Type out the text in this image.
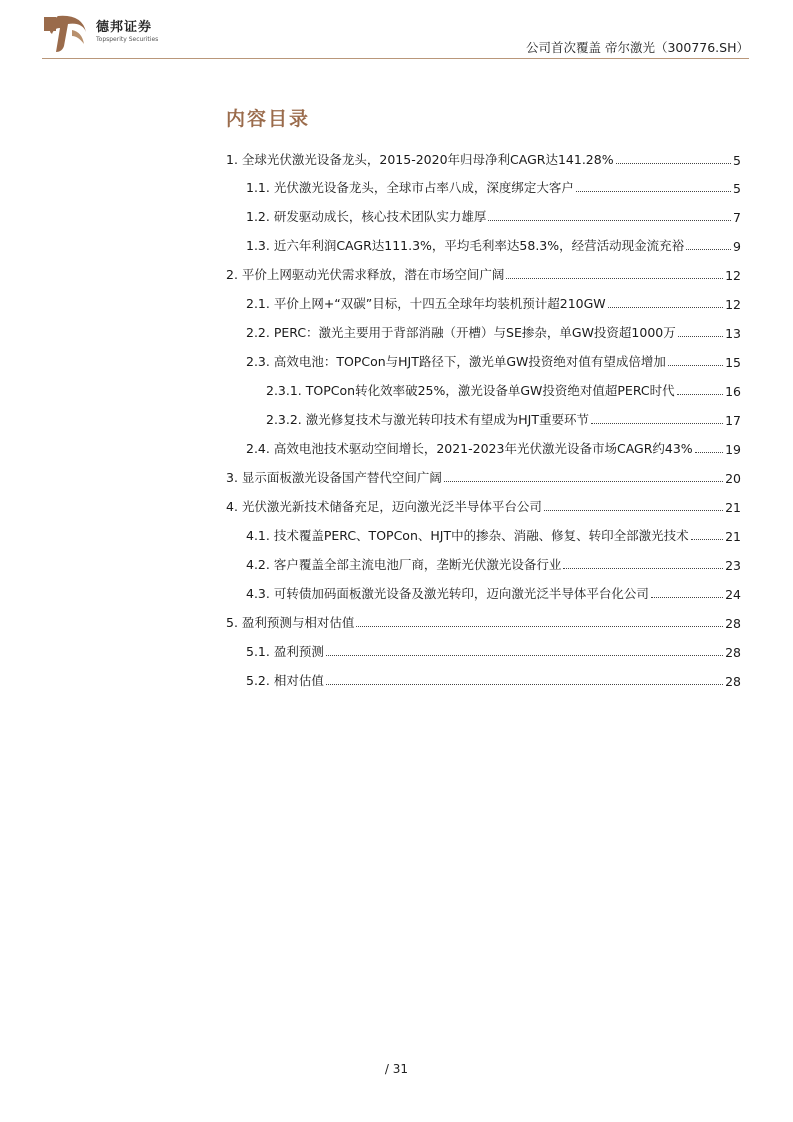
德邦证券
Topsperity Securities
公司首次覆盖 帝尔激光（300776.SH）
内容目录
1. 全球光伏激光设备龙头，2015-2020年归母净利CAGR达141.28%	5
1.1. 光伏激光设备龙头，全球市占率八成，深度绑定大客户	5
1.2. 研发驱动成长，核心技术团队实力雄厚	7
1.3. 近六年利润CAGR达111.3%，平均毛利率达58.3%，经营活动现金流充裕	9
2. 平价上网驱动光伏需求释放，潜在市场空间广阔	12
2.1. 平价上网+“双碳”目标，十四五全球年均装机预计超210GW	12
2.2. PERC：激光主要用于背部消融（开槽）与SE掺杂，单GW投资超1000万	13
2.3. 高效电池：TOPCon与HJT路径下，激光单GW投资绝对值有望成倍增加	15
2.3.1. TOPCon转化效率破25%，激光设备单GW投资绝对值超PERC时代	16
2.3.2. 激光修复技术与激光转印技术有望成为HJT重要环节	17
2.4. 高效电池技术驱动空间增长，2021-2023年光伏激光设备市场CAGR约43%	19
3. 显示面板激光设备国产替代空间广阔	20
4. 光伏激光新技术储备充足，迈向激光泛半导体平台公司	21
4.1. 技术覆盖PERC、TOPCon、HJT中的掺杂、消融、修复、转印全部激光技术	21
4.2. 客户覆盖全部主流电池厂商，垄断光伏激光设备行业	23
4.3. 可转债加码面板激光设备及激光转印，迈向激光泛半导体平台化公司	24
5. 盈利预测与相对估值	28
5.1. 盈利预测	28
5.2. 相对估值	28
/ 31
